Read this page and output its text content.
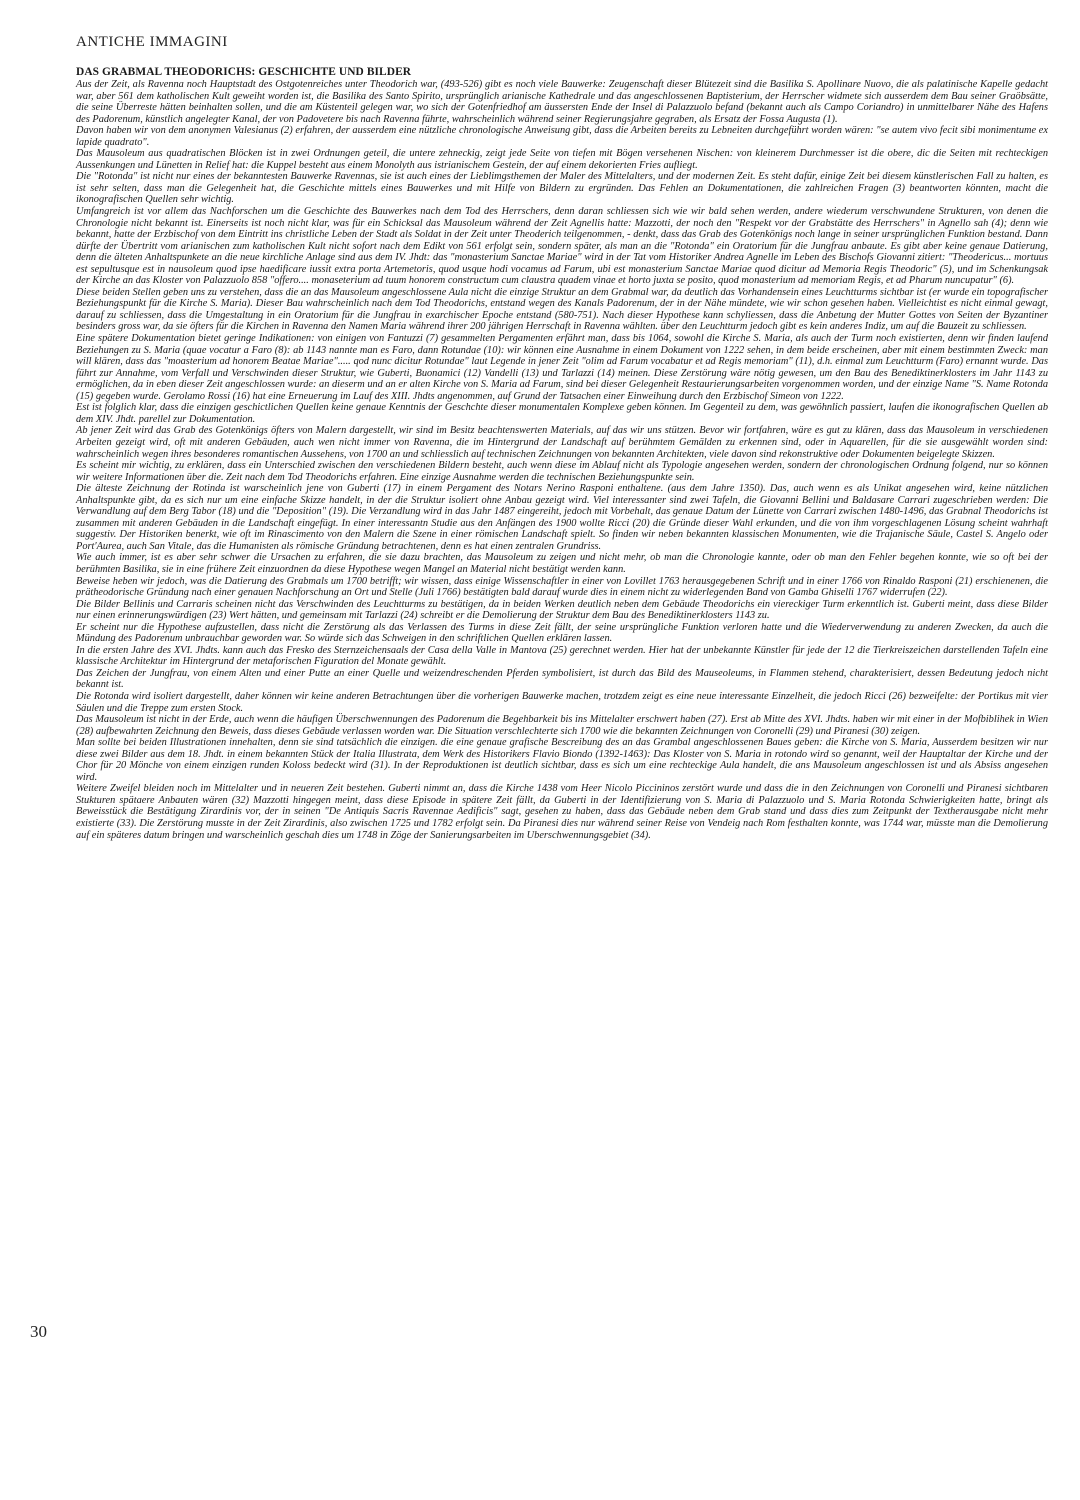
ANTICHE IMMAGINI
30
DAS GRABMAL THEODORICHS: GESCHICHTE UND BILDER

Aus der Zeit, als Ravenna noch Hauptstadt des Ostgotenreiches unter Theodorich war, (493-526) gibt es noch viele Bauwerke: Zeugenschaft dieser Blütezeit sind die Basilika S. Apollinare Nuovo, die als palatinische Kapelle gedacht war, aber 561 dem katholischen Kult geweiht worden ist, die Basilika des Santo Spirito, ursprünglich arianische Kathedrale und das angeschlossenen Baptisterium, der Herrscher widmete sich ausserdem dem Bau seiner Graöbsätte, die seine Überreste hätten beinhalten sollen, und die am Küstenteil gelegen war, wo sich der Gotenfriedhof am äussersten Ende der Insel di Palazzuolo befand (bekannt auch als Campo Coriandro) in unmittelbarer Nähe des Hafens des Padorenum, künstlich angelegter Kanal, der von Padovetere bis nach Ravenna führte, wahrscheinlich während seiner Regierungsjahre gegraben, als Ersatz der Fossa Augusta (1).

Davon haben wir von dem anonymen Valesianus (2) erfahren, der ausserdem eine nützliche chronologische Anweisung gibt, dass die Arbeiten bereits zu Lebneiten durchgeführt worden wären: "se autem vivo fecit sibi monimentume ex lapide quadrato".

Das Mausoleum aus quadratischen Blöcken ist in zwei Ordnungen geteil, die untere zehneckig, zeigt jede Seite von tiefen mit Bögen versehenen Nischen: von kleinerem Durchmesser ist die obere, dic die Seiten mit rechteckigen Aussenkungen und Lünetten in Relief hat: die Kuppel besteht aus einem Monolyth aus istrianischem Gestein, der auf einem dekorierten Fries aufliegt.

Die "Rotonda" ist nicht nur eines der bekanntesten Bauwerke Ravennas, sie ist auch eines der Lieblimgsthemen der Maler des Mittelalters, und der modernen Zeit. Es steht dafür, einige Zeit bei diesem künstlerischen Fall zu halten, es ist sehr selten, dass man die Gelegenheit hat, die Geschichte mittels eines Bauwerkes und mit Hilfe von Bildern zu ergründen. Das Fehlen an Dokumentationen, die zahlreichen Fragen (3) beantworten könnten, macht die ikonografischen Quellen sehr wichtig.

Umfangreich ist vor allem das Nachforschen um die Geschichte des Bauwerkes nach dem Tod des Herrschers, denn daran schliessen sich wie wir bald sehen werden, andere wiederum verschwundene Strukturen, von denen die Chronologie nicht bekannt ist. Einerseits ist noch nicht klar, was für ein Schicksal das Mausoleum während der Zeit Agnellis hatte: Mazzotti, der noch den "Respekt vor der Grabstätte des Herrschers" in Agnello sah (4); denn wie bekannt, hatte der Erzbischof von dem Eintritt ins christliche Leben der Stadt als Soldat in der Zeit unter Theoderich teilgenommen, - denkt, dass das Grab des Gotenkönigs noch lange in seiner ursprünglichen Funktion bestand. Dann dürfte der Übertritt vom arianischen zum katholischen Kult nicht sofort nach dem Edikt von 561 erfolgt sein, sondern später, als man an die "Rotonda" ein Oratorium für die Jungfrau anbaute. Es gibt aber keine genaue Datierung, denn die älteten Anhaltspunkete an die neue kirchliche Anlage sind aus dem IV. Jhdt: das "monasterium Sanctae Mariae" wird in der Tat vom Historiker Andrea Agnelle im Leben des Bischofs Giovanni zitiert: "Theodericus... mortuus est sepultusque est in nausoleum quod ipse haedificare iussit extra porta Artemetoris, quod usque hodi vocamus ad Farum, ubi est monasterium Sanctae Mariae quod dicitur ad Memoria Regis Theodoric" (5), und im Schenkungsak der Kirche an das Kloster von Palazzuolo 858 "offero.... monaseterium ad tuum honorem constructum cum claustra quadem vinae et horto juxta se posito, quod monasterium ad memoriam Regis, et ad Pharum nuncupatur" (6).

Diese beiden Stellen geben uns zu verstehen, dass die an das Mausoleum angeschlossene Aula nicht die einzige Struktur an dem Grabmal war, da deutlich das Vorhandensein eines Leuchtturms sichtbar ist (er wurde ein topografischer Beziehungspunkt für die Kirche S. Maria). Dieser Bau wahrscheinlich nach dem Tod Theodorichs, entstand wegen des Kanals Padorenum, der in der Nähe mündete, wie wir schon gesehen haben. Vielleichtist es nicht einmal gewagt, darauf zu schliessen, dass die Umgestaltung in ein Oratorium für die Jungfrau in exarchischer Epoche entstand (580-751). Nach dieser Hypothese kann schyliessen, dass die Anbetung der Mutter Gottes von Seiten der Byzantiner besinders gross war, da sie öfters für die Kirchen in Ravenna den Namen Maria während ihrer 200 jährigen Herrschaft in Ravenna wählten. über den Leuchtturm jedoch gibt es kein anderes Indiz, um auf die Bauzeit zu schliessen.

Eine spätere Dokumentation bietet geringe Indikationen: von einigen von Fantuzzi (7) gesammelten Pergamenten erfährt man, dass bis 1064, sowohl die Kirche S. Maria, als auch der Turm noch existierten, denn wir finden laufend Beziehungen zu S. Maria (quae vocatur a Faro (8): ab 1143 nannte man es Faro, dann Rotundae (10): wir können eine Ausnahme in einem Dokument von 1222 sehen, in dem beide erscheinen, aber mit einem bestimmten Zweck: man will klären, dass das "moasterium ad honorem Beatae Mariae"..... qod nunc dicitur Rotundae" laut Legende in jener Zeit "olim ad Farum vocabatur et ad Regis memoriam" (11), d.h. einmal zum Leuchtturm (Faro) ernannt wurde. Das führt zur Annahme, vom Verfall und Verschwinden dieser Struktur, wie Guberti, Buonamici (12) Vandelli (13) und Tarlazzi (14) meinen. Diese Zerstörung wäre nötig gewesen, um den Bau des Benediktinerklosters im Jahr 1143 zu ermöglichen, da in eben dieser Zeit angeschlossen wurde: an dieserm und an er alten Kirche von S. Maria ad Farum, sind bei dieser Gelegenheit Restaurierungsarbeiten vorgenommen worden, und der einzige Name "S. Name Rotonda (15) gegeben wurde. Gerolamo Rossi (16) hat eine Erneuerung im Lauf des XIII. Jhdts angenommen, auf Grund der Tatsachen einer Einweihung durch den Erzbischof Simeon von 1222.

Est ist folglich klar, dass die einzigen geschictlichen Quellen keine genaue Kenntnis der Geschchte dieser monumentalen Komplexe geben können. Im Gegenteil zu dem, was gewöhnlich passiert, laufen die ikonografischen Quellen ab dem XIV. Jhdt. parellel zur Dokumentation.

Ab jener Zeit wird das Grab des Gotenkönigs öfters von Malern dargestellt, wir sind im Besitz beachtenswerten Materials, auf das wir uns stützen. Bevor wir fortfahren, wäre es gut zu klären, dass das Mausoleum in verschiedenen Arbeiten gezeigt wird, oft mit anderen Gebäuden, auch wen nicht immer von Ravenna, die im Hintergrund der Landschaft auf berühmtem Gemälden zu erkennen sind, oder in Aquarellen, für die sie ausgewählt worden sind: wahrscheinlich wegen ihres besonderes romantischen Aussehens, von 1700 an und schliesslich auf technischen Zeichnungen von bekannten Architekten, viele davon sind rekonstruktive oder Dokumenten beigelegte Skizzen.

Es scheint mir wichtig, zu erklären, dass ein Unterschied zwischen den verschiedenen Bildern besteht, auch wenn diese im Ablauf nicht als Typologie angesehen werden, sondern der chronologischen Ordnung folgend, nur so können wir weitere Informationen über die. Zeit nach dem Tod Theodorichs erfahren. Eine einzige Ausnahme werden die technischen Beziehungspunkte sein.

Die älteste Zeichnung der Rotinda ist warscheinlich jene von Guberti (17) in einem Pergament des Notars Nerino Rasponi enthaltene. (aus dem Jahre 1350). Das, auch wenn es als Unikat angesehen wird, keine nützlichen Anhaltspunkte gibt, da es sich nur um eine einfache Skizze handelt, in der die Struktur isoliert ohne Anbau gezeigt wird. Viel interessanter sind zwei Tafeln, die Giovanni Bellini und Baldasare Carrari zugeschrieben werden: Die Verwandlung auf dem Berg Tabor (18) und die "Deposition" (19). Die Verzandlung wird in das Jahr 1487 eingereiht, jedoch mit Vorbehalt, das genaue Datum der Lünette von Carrari zwischen 1480-1496, das Grabnal Theodorichs ist zusammen mit anderen Gebäuden in die Landschaft eingefügt. In einer interessantn Studie aus den Anfängen des 1900 wollte Ricci (20) die Gründe dieser Wahl erkunden, und die von ihm vorgeschlagenen Lösung scheint wahrhaft suggestiv. Der Historiken benerkt, wie oft im Rinascimento von den Malern die Szene in einer römischen Landschaft spielt. So finden wir neben bekannten klassischen Monumenten, wie die Trajanische Säule, Castel S. Angelo oder Port'Aurea, auch San Vitale, das die Humanisten als römische Gründung betrachtenen, denn es hat einen zentralen Grundriss.

Wie auch immer, ist es aber sehr schwer die Ursachen zu erfahren, die sie dazu brachten, das Mausoleum zu zeigen und nicht mehr, ob man die Chronologie kannte, oder ob man den Fehler begehen konnte, wie so oft bei der berühmten Basilika, sie in eine frühere Zeit einzuordnen da diese Hypothese wegen Mangel an Material nicht bestätigt werden kann.

Beweise heben wir jedoch, was die Datierung des Grabmals um 1700 betrifft; wir wissen, dass einige Wissenschaftler in einer von Lovillet 1763 herausgegebenen Schrift und in einer 1766 von Rinaldo Rasponi (21) erschienenen, die prätheodorische Gründung nach einer genauen Nachforschung an Ort und Stelle (Juli 1766) bestätigten bald darauf wurde dies in einem nicht zu widerlegenden Band von Gamba Ghiselli 1767 widerrufen (22).

Die Bilder Bellinis und Carraris scheinen nicht das Verschwinden des Leuchtturms zu bestätigen, da in beiden Werken deutlich neben dem Gebäude Theodorichs ein viereckiger Turm erkenntlich ist. Guberti meint, dass diese Bilder nur einen erinnerungswürdigen (23) Wert hätten, und gemeinsam mit Tarlazzi (24) schreibt er die Demolierung der Struktur dem Bau des Benediktinerklosters 1143 zu.

Er scheint nur die Hypothese aufzustellen, dass nicht die Zerstörung als das Verlassen des Turms in diese Zeit fällt, der seine ursprüngliche Funktion verloren hatte und die Wiederverwendung zu anderen Zwecken, da auch die Mündung des Padorenum unbrauchbar geworden war. So würde sich das Schweigen in den schriftlichen Quellen erklären lassen.

In die ersten Jahre des XVI. Jhdts. kann auch das Fresko des Sternzeichensaals der Casa della Valle in Mantova (25) gerechnet werden. Hier hat der unbekannte Künstler für jede der 12 die Tierkreiszeichen darstellenden Tafeln eine klassische Architektur im Hintergrund der metaforischen Figuration del Monate gewählt.

Das Zeichen der Jungfrau, von einem Alten und einer Putte an einer Quelle und weizendreschenden Pferden symbolisiert, ist durch das Bild des Mauseoleums, in Flammen stehend, charakterisiert, dessen Bedeutung jedoch nicht bekannt ist.

Die Rotonda wird isoliert dargestellt, daher können wir keine anderen Betrachtungen über die vorherigen Bauwerke machen, trotzdem zeigt es eine neue interessante Einzelheit, die jedoch Ricci (26) bezweifelte: der Portikus mit vier Säulen und die Treppe zum ersten Stock.

Das Mausoleum ist nicht in der Erde, auch wenn die häufigen Überschwennungen des Padorenum die Begehbarkeit bis ins Mittelalter erschwert haben (27). Erst ab Mitte des XVI. Jhdts. haben wir mit einer in der Mofbiblihek in Wien (28) aufbewahrten Zeichnung den Beweis, dass dieses Gebäude verlassen worden war. Die Situation verschlechterte sich 1700 wie die bekannten Zeichnungen von Coronelli (29) und Piranesi (30) zeigen.

Man sollte bei beiden Illustrationen innehalten, denn sie sind tatsächlich die einzigen. die eine genaue grafische Bescreibung des an das Grambal angeschlossenen Baues geben: die Kirche von S. Maria, Ausserdem besitzen wir nur diese zwei Bilder aus dem 18. Jhdt. in einem bekannten Stück der Italia Illustrata, dem Werk des Historikers Flavio Biondo (1392-1463): Das Kloster von S. Maria in rotondo wird so genannt, weil der Hauptaltar der Kirche und der Chor für 20 Mönche von einem einzigen runden Koloss bedeckt wird (31). In der Reproduktionen ist deutlich sichtbar, dass es sich um eine rechteckige Aula handelt, die ans Mausoleum angeschlossen ist und als Absiss angesehen wird.

Weitere Zweifel bleiden noch im Mittelalter und in neueren Zeit bestehen. Guberti nimmt an, dass die Kirche 1438 vom Heer Nicolo Piccininos zerstört wurde und dass die in den Zeichnungen von Coronelli und Piranesi sichtbaren Stukturen spätaere Anbauten wären (32) Mazzotti hingegen meint, dass diese Episode in spätere Zeit fällt, da Guberti in der Identifizierung von S. Maria di Palazzuolo und S. Maria Rotonda Schwierigkeiten hatte, bringt als Beweisstück die Bestätigung Zirardinis vor, der in seinen "De Antiquis Sacris Ravennae Aedificis" sagt, gesehen zu haben, dass das Gebäude neben dem Grab stand und dass dies zum Zeitpunkt der Textherausgabe nicht mehr existierte (33). Die Zerstörung musste in der Zeit Zirardinis, also zwischen 1725 und 1782 erfolgt sein. Da Piranesi dies nur während seiner Reise von Vendeig nach Rom festhalten konnte, was 1744 war, müsste man die Demolierung auf ein späteres datum bringen und warscheinlich geschah dies um 1748 in Zöge der Sanierungsarbeiten im Uberschwennungsgebiet (34).
